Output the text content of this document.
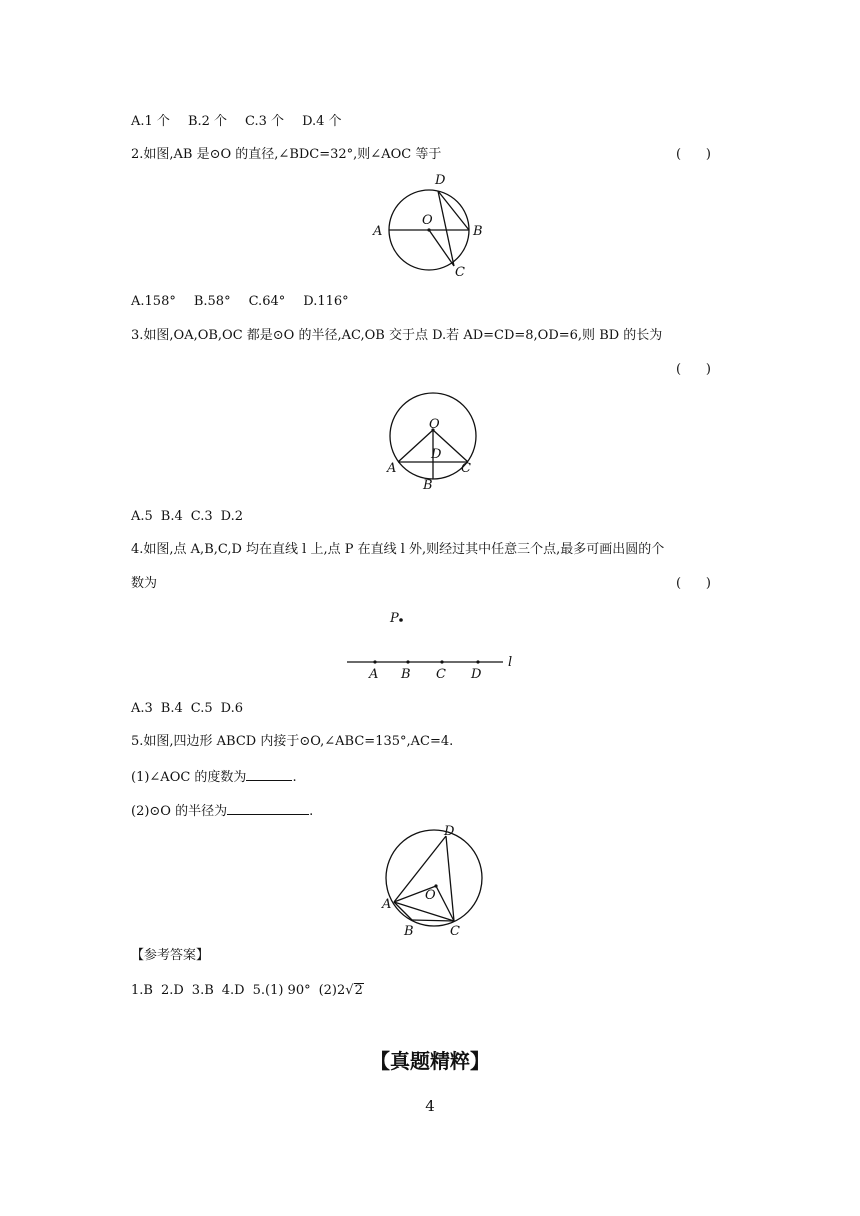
A.1 个 B.2 个 C.3 个 D.4 个
2.如图,AB 是⊙O 的直径,∠BDC=32°,则∠AOC 等于	(      )
A	B
C
D
O
A.158° B.58° C.64° D.116°
3.如图,OA,OB,OC 都是⊙O 的半径,AC,OB 交于点 D.若 AD=CD=8,OD=6,则 BD 的长为
(      )
O
D
A	C
B
A.5 B.4 C.3 D.2
4.如图,点 A,B,C,D 均在直线 l 上,点 P 在直线 l 外,则经过其中任意三个点,最多可画出圆的个
数为	(      )
P
l
A B C D
A.3 B.4 C.5 D.6
5.如图,四边形 ABCD 内接于⊙O,∠ABC=135°,AC=4.
(1)∠AOC 的度数为	.
(2)⊙O 的半径为	.
O
A
B	C
D
【参考答案】
1.B 2.D 3.B 4.D 5.(1) 90° (2)2√2
【真题精粹】
4
